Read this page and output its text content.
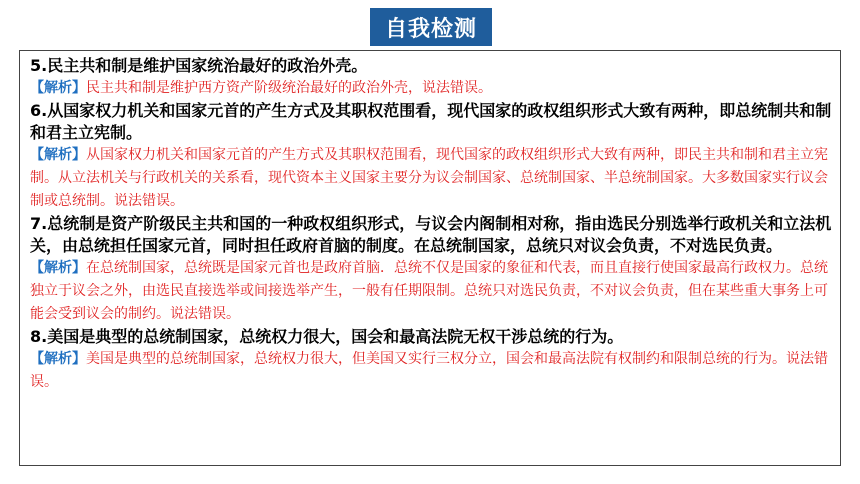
自我检测

5.民主共和制是维护国家统治最好的政治外壳。

【解析】民主共和制是维护西方资产阶级统治最好的政治外壳，说法错误。

6.从国家权力机关和国家元首的产生方式及其职权范围看，现代国家的政权组织形式大致有两种，即总统制共和制和君主立宪制。

【解析】从国家权力机关和国家元首的产生方式及其职权范围看，现代国家的政权组织形式大致有两种，即民主共和制和君主立宪制。从立法机关与行政机关的关系看，现代资本主义国家主要分为议会制国家、总统制国家、半总统制国家。大多数国家实行议会制或总统制。说法错误。

7.总统制是资产阶级民主共和国的一种政权组织形式，与议会内阁制相对称，指由选民分别选举行政机关和立法机关，由总统担任国家元首，同时担任政府首脑的制度。在总统制国家，总统只对议会负责，不对选民负责。

【解析】在总统制国家，总统既是国家元首也是政府首脑．总统不仅是国家的象征和代表，而且直接行使国家最高行政权力。总统独立于议会之外，由选民直接选举或间接选举产生，一般有任期限制。总统只对选民负责，不对议会负责，但在某些重大事务上可能会受到议会的制约。说法错误。

8.美国是典型的总统制国家，总统权力很大，国会和最高法院无权干涉总统的行为。

【解析】美国是典型的总统制国家，总统权力很大，但美国又实行三权分立，国会和最高法院有权制约和限制总统的行为。说法错误。
